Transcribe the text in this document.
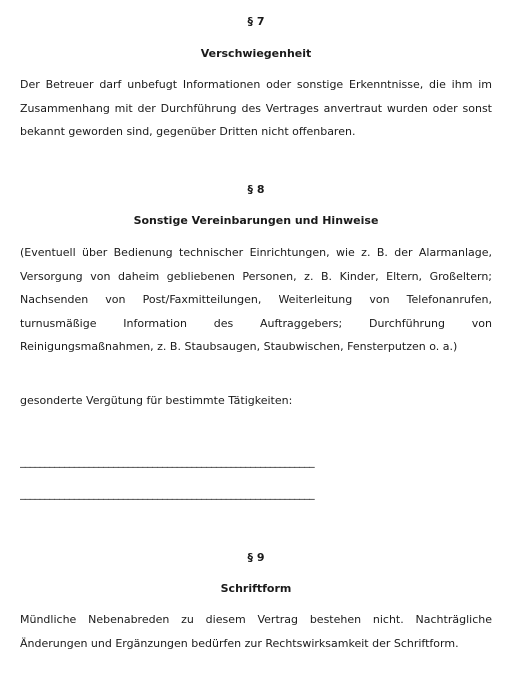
§ 7
Verschwiegenheit

Der Betreuer darf unbefugt Informationen oder sonstige Erkenntnisse, die ihm im Zusammenhang mit der Durchführung des Vertrages anvertraut wurden oder sonst bekannt geworden sind, gegenüber Dritten nicht offenbaren.

§ 8
Sonstige Vereinbarungen und Hinweise

(Eventuell über Bedienung technischer Einrichtungen, wie z. B. der Alarmanlage, Versorgung von daheim gebliebenen Personen, z. B. Kinder, Eltern, Großeltern; Nachsenden von Post/Faxmitteilungen, Weiterleitung von Telefonanrufen, turnusmäßige Information des Auftraggebers; Durchführung von Reinigungsmaßnahmen, z. B. Staubsaugen, Staubwischen, Fensterputzen o. a.)

gesonderte Vergütung für bestimmte Tätigkeiten:

____________________________________________________________
____________________________________________________________
§ 9
Schriftform

Mündliche Nebenabreden zu diesem Vertrag bestehen nicht. Nachträgliche Änderungen und Ergänzungen bedürfen zur Rechtswirksamkeit der Schriftform.
